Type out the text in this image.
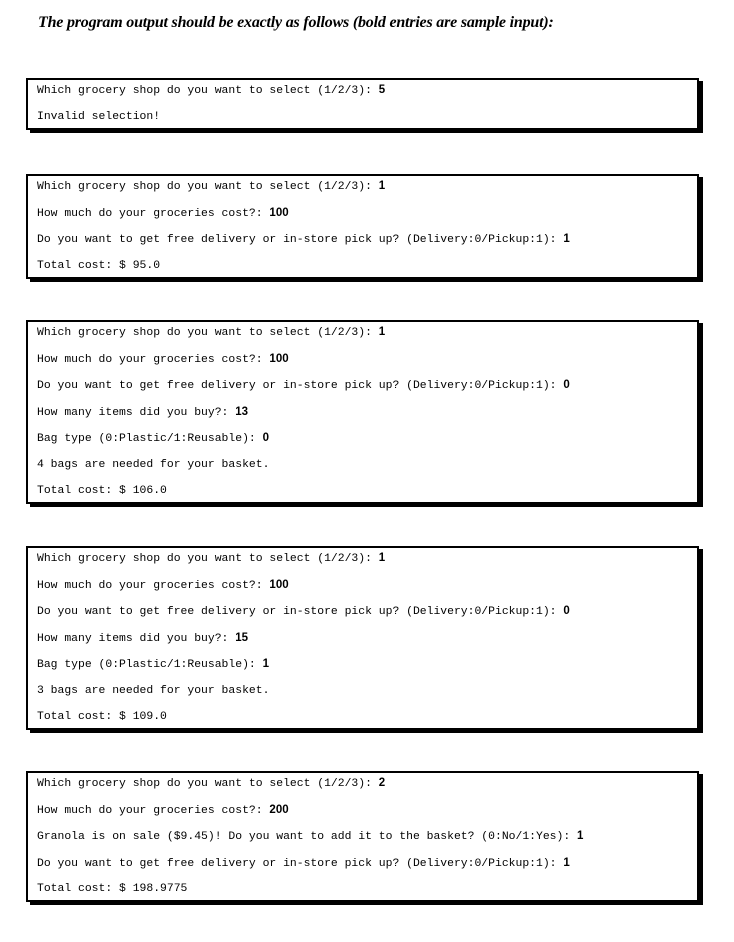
The program output should be exactly as follows (bold entries are sample input):
Which grocery shop do you want to select (1/2/3): 5
Invalid selection!
Which grocery shop do you want to select (1/2/3): 1
How much do your groceries cost?: 100
Do you want to get free delivery or in-store pick up? (Delivery:0/Pickup:1): 1
Total cost: $ 95.0
Which grocery shop do you want to select (1/2/3): 1
How much do your groceries cost?: 100
Do you want to get free delivery or in-store pick up? (Delivery:0/Pickup:1): 0
How many items did you buy?: 13
Bag type (0:Plastic/1:Reusable): 0
4 bags are needed for your basket.
Total cost: $ 106.0
Which grocery shop do you want to select (1/2/3): 1
How much do your groceries cost?: 100
Do you want to get free delivery or in-store pick up? (Delivery:0/Pickup:1): 0
How many items did you buy?: 15
Bag type (0:Plastic/1:Reusable): 1
3 bags are needed for your basket.
Total cost: $ 109.0
Which grocery shop do you want to select (1/2/3): 2
How much do your groceries cost?: 200
Granola is on sale ($9.45)! Do you want to add it to the basket? (0:No/1:Yes): 1
Do you want to get free delivery or in-store pick up? (Delivery:0/Pickup:1): 1
Total cost: $ 198.9775
